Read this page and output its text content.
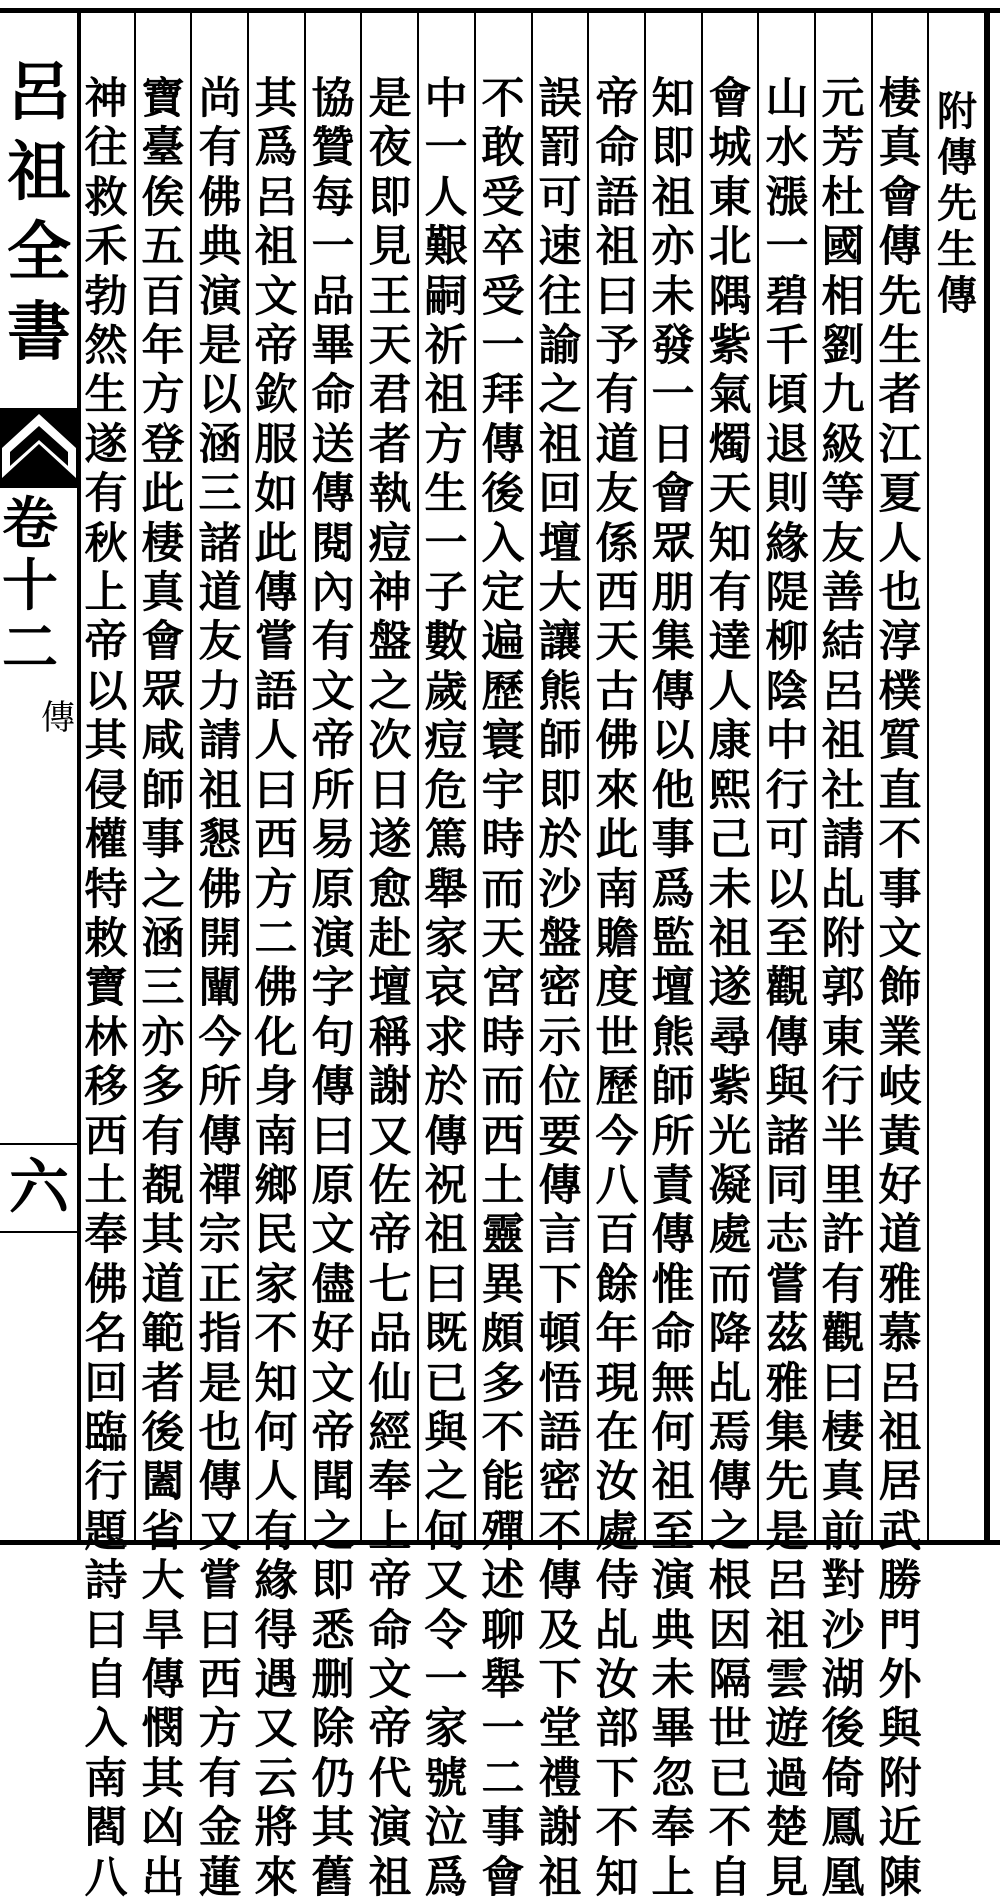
呂
祖
全
書
卷
十
二
傳
六
附
傳
先
生
傳
棲
真
會
傳
先
生
者
江
夏
人
也
淳
樸
質
直
不
事
文
飾
業
岐
黃
好
道
雅
慕
呂
祖
居
武
勝
門
外
與
附
近
陳
元
芳
杜
國
相
劉
九
級
等
友
善
結
呂
祖
社
請
乩
附
郭
東
行
半
里
許
有
觀
曰
棲
真
前
對
沙
湖
後
倚
鳳
凰
山
水
漲
一
碧
千
頃
退
則
緣
隄
柳
陰
中
行
可
以
至
觀
傳
與
諸
同
志
嘗
茲
雅
集
先
是
呂
祖
雲
遊
過
楚
見
會
城
東
北
隅
紫
氣
燭
天
知
有
達
人
康
熙
己
未
祖
遂
尋
紫
光
凝
處
而
降
乩
焉
傳
之
根
因
隔
世
已
不
自
知
即
祖
亦
未
發
一
日
會
眾
朋
集
傳
以
他
事
爲
監
壇
熊
師
所
責
傳
惟
命
無
何
祖
至
演
典
未
畢
忽
奉
上
帝
命
語
祖
曰
予
有
道
友
係
西
天
古
佛
來
此
南
贍
度
世
歷
今
八
百
餘
年
現
在
汝
處
侍
乩
汝
部
下
不
知
誤
罰
可
速
往
諭
之
祖
回
壇
大
讓
熊
師
即
於
沙
盤
密
示
位
要
傳
言
下
頓
悟
語
密
不
傳
及
下
堂
禮
謝
祖
不
敢
受
卒
受
一
拜
傳
後
入
定
遍
歷
寰
宇
時
而
天
宮
時
而
西
土
靈
異
頗
多
不
能
殫
述
聊
舉
一
二
事
會
中
一
人
艱
嗣
祈
祖
方
生
一
子
數
歲
痘
危
篤
舉
家
哀
求
於
傳
祝
祖
曰
既
已
與
之
何
又
令
一
家
號
泣
爲
是
夜
即
見
王
天
君
者
執
痘
神
盤
之
次
日
遂
愈
赴
壇
稱
謝
又
佐
帝
七
品
仙
經
奉
上
帝
命
文
帝
代
演
祖
協
贊
每
一
品
畢
命
送
傳
閱
內
有
文
帝
所
易
原
演
字
句
傳
曰
原
文
儘
好
文
帝
聞
之
即
悉
删
除
仍
其
舊
其
爲
呂
祖
文
帝
欽
服
如
此
傳
嘗
語
人
曰
西
方
二
佛
化
身
南
鄉
民
家
不
知
何
人
有
緣
得
遇
又
云
將
來
尚
有
佛
典
演
是
以
涵
三
諸
道
友
力
請
祖
懇
佛
開
闡
今
所
傳
禪
宗
正
指
是
也
傳
又
嘗
曰
西
方
有
金
蓮
寶
臺
俟
五
百
年
方
登
此
棲
真
會
眾
咸
師
事
之
涵
三
亦
多
有
覩
其
道
範
者
後
闔
省
大
旱
傳
憫
其
凶
出
神
往
救
禾
勃
然
生
遂
有
秋
上
帝
以
其
侵
權
特
敕
寶
林
移
西
土
奉
佛
名
回
臨
行
題
詩
曰
自
入
南
閻
八
